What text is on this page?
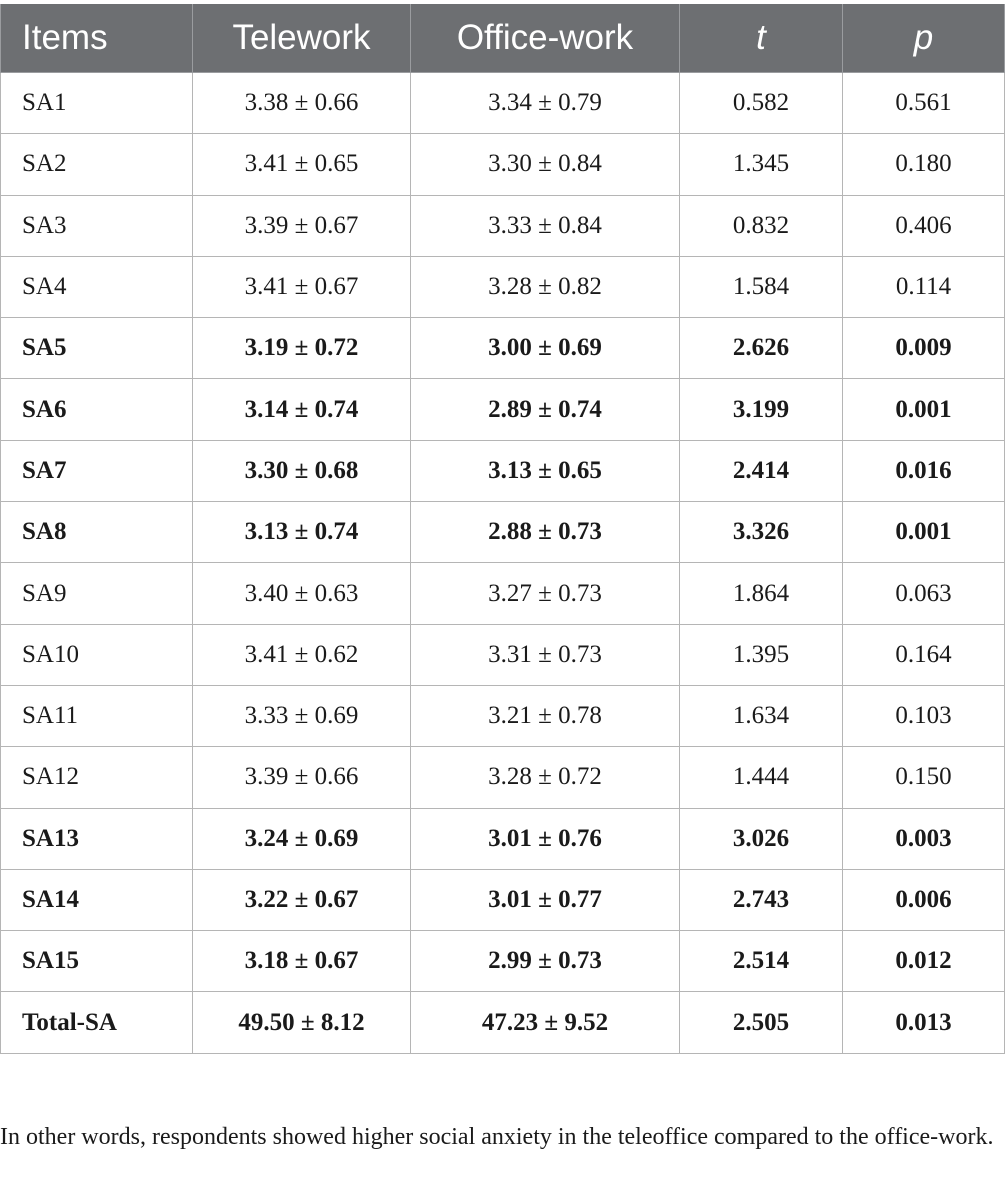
Items	Telework	Office-work	t	p
SA1	3.38 ± 0.66	3.34 ± 0.79	0.582	0.561
SA2	3.41 ± 0.65	3.30 ± 0.84	1.345	0.180
SA3	3.39 ± 0.67	3.33 ± 0.84	0.832	0.406
SA4	3.41 ± 0.67	3.28 ± 0.82	1.584	0.114
SA5	3.19 ± 0.72	3.00 ± 0.69	2.626	0.009
SA6	3.14 ± 0.74	2.89 ± 0.74	3.199	0.001
SA7	3.30 ± 0.68	3.13 ± 0.65	2.414	0.016
SA8	3.13 ± 0.74	2.88 ± 0.73	3.326	0.001
SA9	3.40 ± 0.63	3.27 ± 0.73	1.864	0.063
SA10	3.41 ± 0.62	3.31 ± 0.73	1.395	0.164
SA11	3.33 ± 0.69	3.21 ± 0.78	1.634	0.103
SA12	3.39 ± 0.66	3.28 ± 0.72	1.444	0.150
SA13	3.24 ± 0.69	3.01 ± 0.76	3.026	0.003
SA14	3.22 ± 0.67	3.01 ± 0.77	2.743	0.006
SA15	3.18 ± 0.67	2.99 ± 0.73	2.514	0.012
Total-SA	49.50 ± 8.12	47.23 ± 9.52	2.505	0.013

In other words, respondents showed higher social anxiety in the teleoffice compared to the office-work.
